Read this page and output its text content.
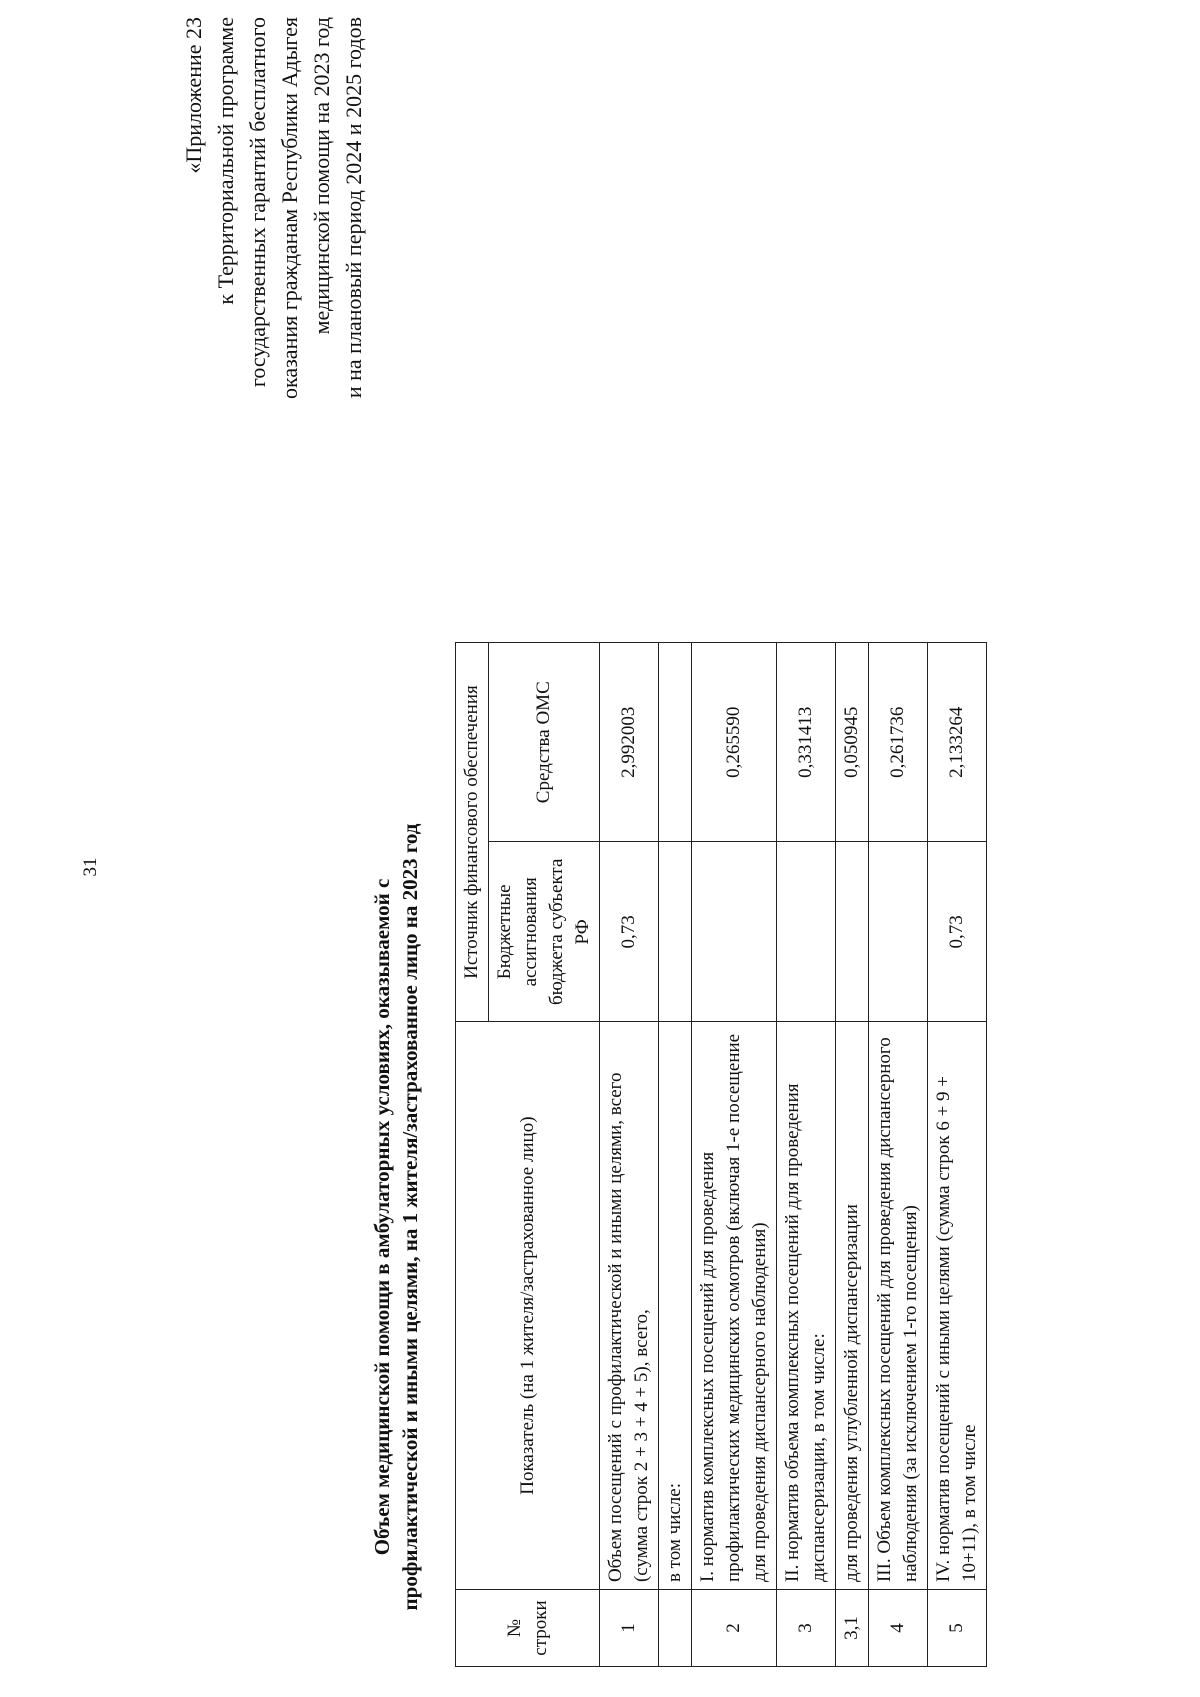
31
«Приложение 23 к Территориальной программе государственных гарантий бесплатного оказания гражданам Республики Адыгея медицинской помощи на 2023 год и на плановый период 2024 и 2025 годов
Объем медицинской помощи в амбулаторных условиях, оказываемой с профилактической и иными целями, на 1 жителя/застрахованное лицо на 2023 год
№ строки	Показатель (на 1 жителя/застрахованное лицо)	Источник финансового обеспечения	
		Бюджетные ассигнования бюджета субъекта РФ	Средства ОМС
1	Объем посещений с профилактической и иными целями, всего (сумма строк 2 + 3 + 4 + 5), всего,	0,73	2,992003
	в том числе:		
2	I. норматив комплексных посещений для проведения профилактических медицинских осмотров (включая 1-е посещение для проведения диспансерного наблюдения)		0,265590
3	II. норматив объема комплексных посещений для проведения диспансеризации, в том числе:		0,331413
3,1	для проведения углубленной диспансеризации		0,050945
4	III. Объем комплексных посещений для проведения диспансерного наблюдения (за исключением 1-го посещения)		0,261736
5	IV. норматив посещений с иными целями (сумма строк 6 + 9 + 10+11), в том числе	0,73	2,133264
